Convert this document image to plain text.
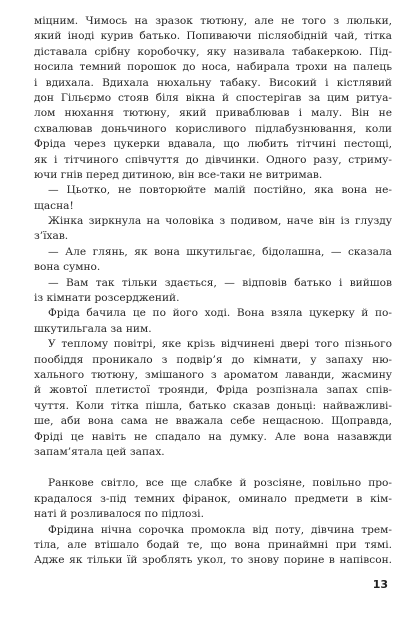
міцним. Чимось на зразок тютюну, але не того з люльки,
який іноді курив батько. Попиваючи післяобідній чай, тітка
діставала срібну коробочку, яку називала табакеркою. Під-
носила темний порошок до носа, набирала трохи на палець
і вдихала. Вдихала нюхальну табаку. Високий і кістлявий
дон Гільєрмо стояв біля вікна й спостерігав за цим ритуа-
лом нюхання тютюну, який приваблював і малу. Він не
схвалював доньчиного корисливого підлабузнювання, коли
Фріда через цукерки вдавала, що любить тітчині пестощі,
як і тітчиного співчуття до дівчинки. Одного разу, стриму-
ючи гнів перед дитиною, він все-таки не витримав.
— Цьотко, не повторюйте малій постійно, яка вона не-
щасна!
Жінка зиркнула на чоловіка з подивом, наче він із глузду
з’їхав.
— Але глянь, як вона шкутильгає, бідолашна, — сказала
вона сумно.
— Вам так тільки здається, — відповів батько і вийшов
із кімнати розсерджений.
Фріда бачила це по його ході. Вона взяла цукерку й по-
шкутильгала за ним.
У теплому повітрі, яке крізь відчинені двері того пізнього
пообіддя проникало з подвір’я до кімнати, у запаху ню-
хального тютюну, змішаного з ароматом лаванди, жасмину
й жовтої плетистої троянди, Фріда розпізнала запах спів-
чуття. Коли тітка пішла, батько сказав доньці: найважливі-
ше, аби вона сама не вважала себе нещасною. Щоправда,
Фріді це навіть не спадало на думку. Але вона назавжди
запам’ятала цей запах.
Ранкове світло, все ще слабке й розсіяне, повільно про-
крадалося з-під темних фіранок, оминало предмети в кім-
наті й розливалося по підлозі.
Фрідина нічна сорочка промокла від поту, дівчина трем-
тіла, але втішало бодай те, що вона принаймні при тямі.
Адже як тільки їй зроблять укол, то знову порине в напівсон.
13
